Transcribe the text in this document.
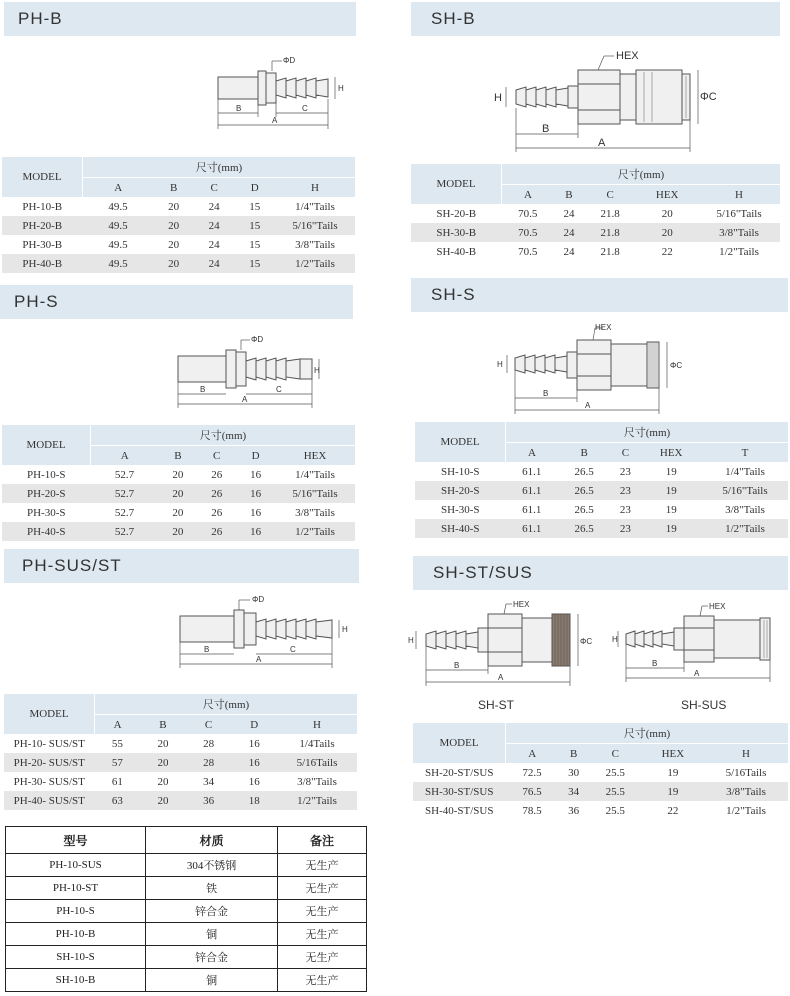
PH-B
ΦD
H
B	C
A
MODEL	尺寸(mm)				
	A	B	C	D	H
PH-10-B	49.5	20	24	15	1/4"Tails
PH-20-B	49.5	20	24	15	5/16"Tails
PH-30-B	49.5	20	24	15	3/8"Tails
PH-40-B	49.5	20	24	15	1/2"Tails
PH-S
ΦD
H
B	C
A
MODEL	尺寸(mm)				
	A	B	C	D	HEX
PH-10-S	52.7	20	26	16	1/4"Tails
PH-20-S	52.7	20	26	16	5/16"Tails
PH-30-S	52.7	20	26	16	3/8"Tails
PH-40-S	52.7	20	26	16	1/2"Tails
PH-SUS/ST
ΦD
H
B	C
A
MODEL	尺寸(mm)				
	A	B	C	D	H
PH-10- SUS/ST	55	20	28	16	1/4Tails
PH-20- SUS/ST	57	20	28	16	5/16Tails
PH-30- SUS/ST	61	20	34	16	3/8"Tails
PH-40- SUS/ST	63	20	36	18	1/2"Tails
型号	材质	备注
PH-10-SUS	304不锈钢	无生产
PH-10-ST	铁	无生产
PH-10-S	锌合金	无生产
PH-10-B	铜	无生产
SH-10-S	锌合金	无生产
SH-10-B	铜	无生产
SH-B
HEX
H	ΦC
B
A
MODEL	尺寸(mm)				
	A	B	C	HEX	H
SH-20-B	70.5	24	21.8	20	5/16"Tails
SH-30-B	70.5	24	21.8	20	3/8"Tails
SH-40-B	70.5	24	21.8	22	1/2"Tails
SH-S
HEX
H	ΦC
B
A
MODEL	尺寸(mm)				
	A	B	C	HEX	T
SH-10-S	61.1	26.5	23	19	1/4"Tails
SH-20-S	61.1	26.5	23	19	5/16"Tails
SH-30-S	61.1	26.5	23	19	3/8"Tails
SH-40-S	61.1	26.5	23	19	1/2"Tails
SH-ST/SUS
HEX
H	ΦC
B
A
SH-ST
HEX
H
B
A
SH-SUS
MODEL	尺寸(mm)				
	A	B	C	HEX	H
SH-20-ST/SUS	72.5	30	25.5	19	5/16Tails
SH-30-ST/SUS	76.5	34	25.5	19	3/8"Tails
SH-40-ST/SUS	78.5	36	25.5	22	1/2"Tails
